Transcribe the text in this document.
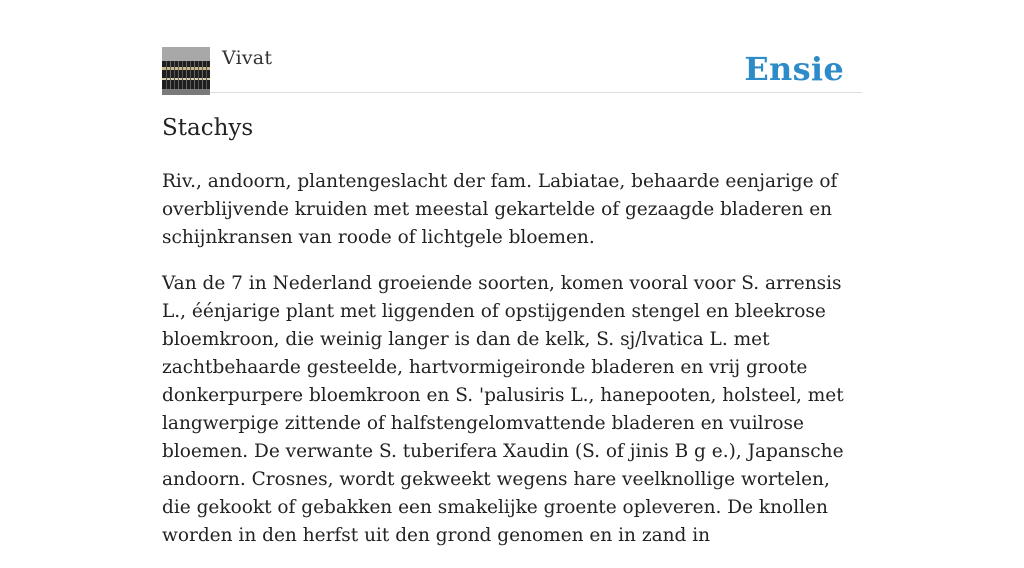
Vivat	Ensie
Stachys

Riv., andoorn, plantengeslacht der fam. Labiatae, behaarde eenjarige of overblijvende kruiden met meestal gekartelde of gezaagde bladeren en schijnkransen van roode of lichtgele bloemen.

Van de 7 in Nederland groeiende soorten, komen vooral voor S. arrensis L., éénjarige plant met liggenden of opstijgenden stengel en bleekrose bloemkroon, die weinig langer is dan de kelk, S. sj/lvatica L. met zachtbehaarde gesteelde, hartvormigeironde bladeren en vrij groote donkerpurpere bloemkroon en S. 'palusiris L., hanepooten, holsteel, met langwerpige zittende of halfstengelomvattende bladeren en vuilrose bloemen. De verwante S. tuberifera Xaudin (S. of jinis B g e.), Japansche andoorn. Crosnes, wordt gekweekt wegens hare veelknollige wortelen, die gekookt of gebakken een smakelijke groente opleveren. De knollen worden in den herfst uit den grond genomen en in zand in
